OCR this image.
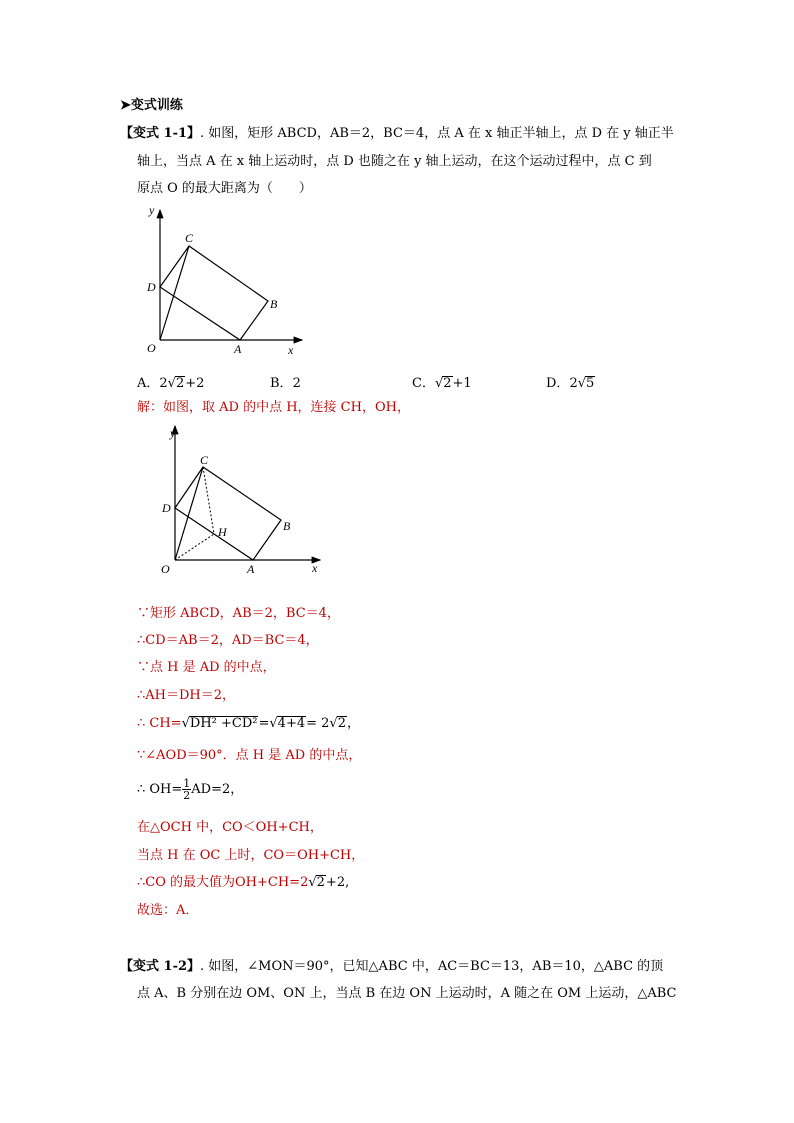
➤变式训练
【变式 1-1】. 如图，矩形 ABCD，AB＝2，BC＝4，点 A 在 x 轴正半轴上，点 D 在 y 轴正半
轴上，当点 A 在 x 轴上运动时，点 D 也随之在 y 轴上运动，在这个运动过程中，点 C 到
原点 O 的最大距离为（　　）
y
x
O	A
B
C
D
A．2√2+2	B．2	C．√2+1	D．2√5
解：如图，取 AD 的中点 H，连接 CH，OH，
y
x
O	A
B
C
D
H
∵矩形 ABCD，AB＝2，BC＝4，
∴CD＝AB＝2，AD＝BC＝4，
∵点 H 是 AD 的中点，
∴AH＝DH＝2，
∴ CH=√DH² +CD²=√4+4= 2√2，
∵∠AOD＝90°．点 H 是 AD 的中点，
∴ $OH= \frac{1}{2} AD=2$，
在△OCH 中，CO＜OH+CH，
当点 H 在 OC 上时，CO＝OH+CH，
∴CO 的最大值为OH+CH=2√2+2,
故选：A．
【变式 1-2】. 如图，∠MON＝90°，已知△ABC 中，AC＝BC＝13，AB＝10，△ABC 的顶
点 A、B 分别在边 OM、ON 上，当点 B 在边 ON 上运动时，A 随之在 OM 上运动，△ABC
